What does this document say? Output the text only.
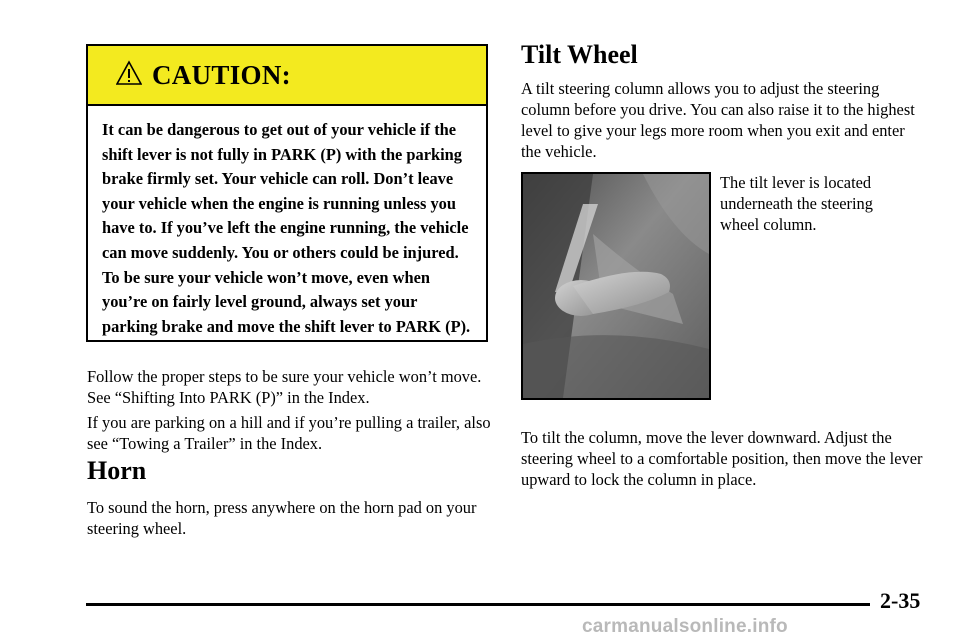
CAUTION:
It can be dangerous to get out of your vehicle if the shift lever is not fully in PARK (P) with the parking brake firmly set. Your vehicle can roll. Don’t leave your vehicle when the engine is running unless you have to. If you’ve left the engine running, the vehicle can move suddenly. You or others could be injured. To be sure your vehicle won’t move, even when you’re on fairly level ground, always set your parking brake and move the shift lever to PARK (P).

Follow the proper steps to be sure your vehicle won’t move. See “Shifting Into PARK (P)” in the Index.

If you are parking on a hill and if you’re pulling a trailer, also see “Towing a Trailer” in the Index.

Horn

To sound the horn, press anywhere on the horn pad on your steering wheel.

Tilt Wheel

A tilt steering column allows you to adjust the steering column before you drive. You can also raise it to the highest level to give your legs more room when you exit and enter the vehicle.

The tilt lever is located underneath the steering wheel column.

To tilt the column, move the lever downward. Adjust the steering wheel to a comfortable position, then move the lever upward to lock the column in place.

2-35
carmanualsonline.info
